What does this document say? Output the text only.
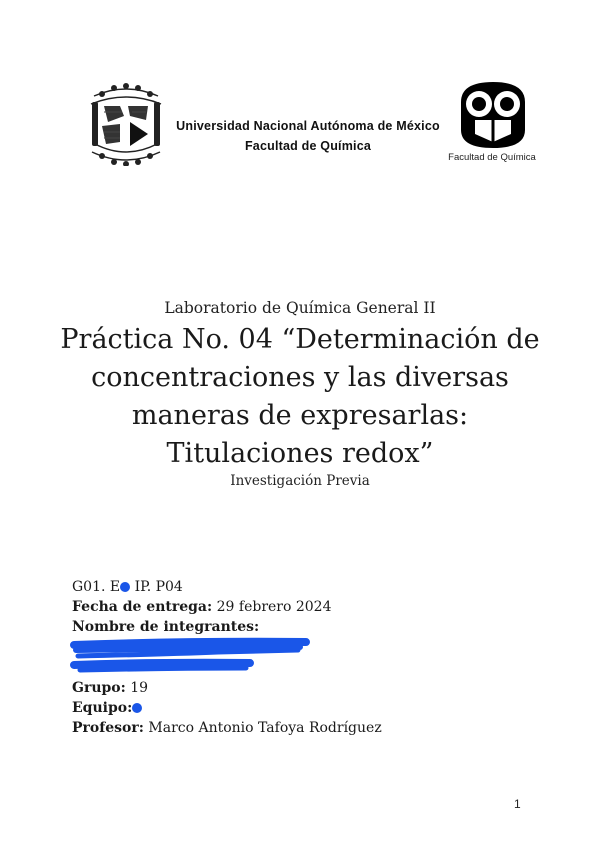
Universidad Nacional Autónoma de México
Facultad de Química
Facultad de Química
Laboratorio de Química General II
Práctica No. 04 “Determinación de concentraciones y las diversas maneras de expresarlas: Titulaciones redox”
Investigación Previa
G01. E IP. P04
Fecha de entrega: 29 febrero 2024
Nombre de integrantes:
Grupo: 19
Equipo:
Profesor: Marco Antonio Tafoya Rodríguez
1
